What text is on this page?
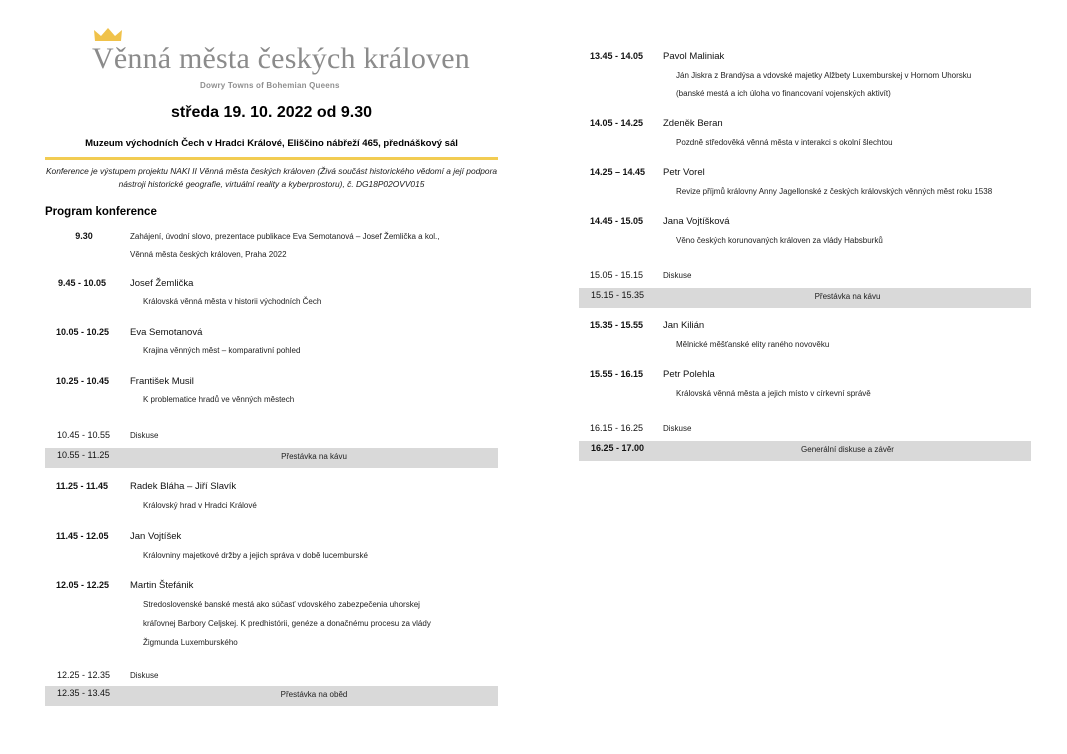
Věnná města českých královen
Dowry Towns of Bohemian Queens
středa 19. 10. 2022 od 9.30
Muzeum východních Čech v Hradci Králové, Eliščino nábřeží 465, přednáškový sál
Konference je výstupem projektu NAKI II Věnná města českých královen (Živá součást historického vědomí a její podpora nástroji historické geografie, virtuální reality a kyberprostoru), č. DG18P02OVV015
Program konference
9.30	Zahájení, úvodní slovo, prezentace publikace Eva Semotanová – Josef Žemlička a kol.,
Věnná města českých královen, Praha 2022
9.45 - 10.05	Josef Žemlička
Královská věnná města v historii východních Čech
10.05 - 10.25	Eva Semotanová
Krajina věnných měst – komparativní pohled
10.25 - 10.45	František Musil
K problematice hradů ve věnných městech
10.45 - 10.55	Diskuse
10.55 - 11.25	Přestávka na kávu
11.25 - 11.45	Radek Bláha – Jiří Slavík
Královský hrad v Hradci Králové
11.45 - 12.05	Jan Vojtíšek
Královniny majetkové držby a jejich správa v době lucemburské
12.05 - 12.25	Martin Štefánik
Stredoslovenské banské mestá ako súčasť vdovského zabezpečenia uhorskej
kráľovnej Barbory Celjskej. K predhistórii, genéze a donačnému procesu za vlády
Žigmunda Luxemburského
12.25 - 12.35	Diskuse
12.35 - 13.45	Přestávka na oběd
13.45 - 14.05	Pavol Maliniak
Ján Jiskra z Brandýsa a vdovské majetky Alžbety Luxemburskej v Hornom Uhorsku
(banské mestá a ich úloha vo financovaní vojenských aktivít)
14.05 - 14.25	Zdeněk Beran
Pozdně středověká věnná města v interakci s okolní šlechtou
14.25 – 14.45	Petr Vorel
Revize příjmů královny Anny Jagellonské z českých královských věnných měst roku 1538
14.45 - 15.05	Jana Vojtíšková
Věno českých korunovaných královen za vlády Habsburků
15.05 - 15.15	Diskuse
15.15 - 15.35	Přestávka na kávu
15.35 - 15.55	Jan Kilián
Mělnické měšťanské elity raného novověku
15.55 - 16.15	Petr Polehla
Královská věnná města a jejich místo v církevní správě
16.15 - 16.25	Diskuse
16.25 - 17.00	Generální diskuse a závěr
